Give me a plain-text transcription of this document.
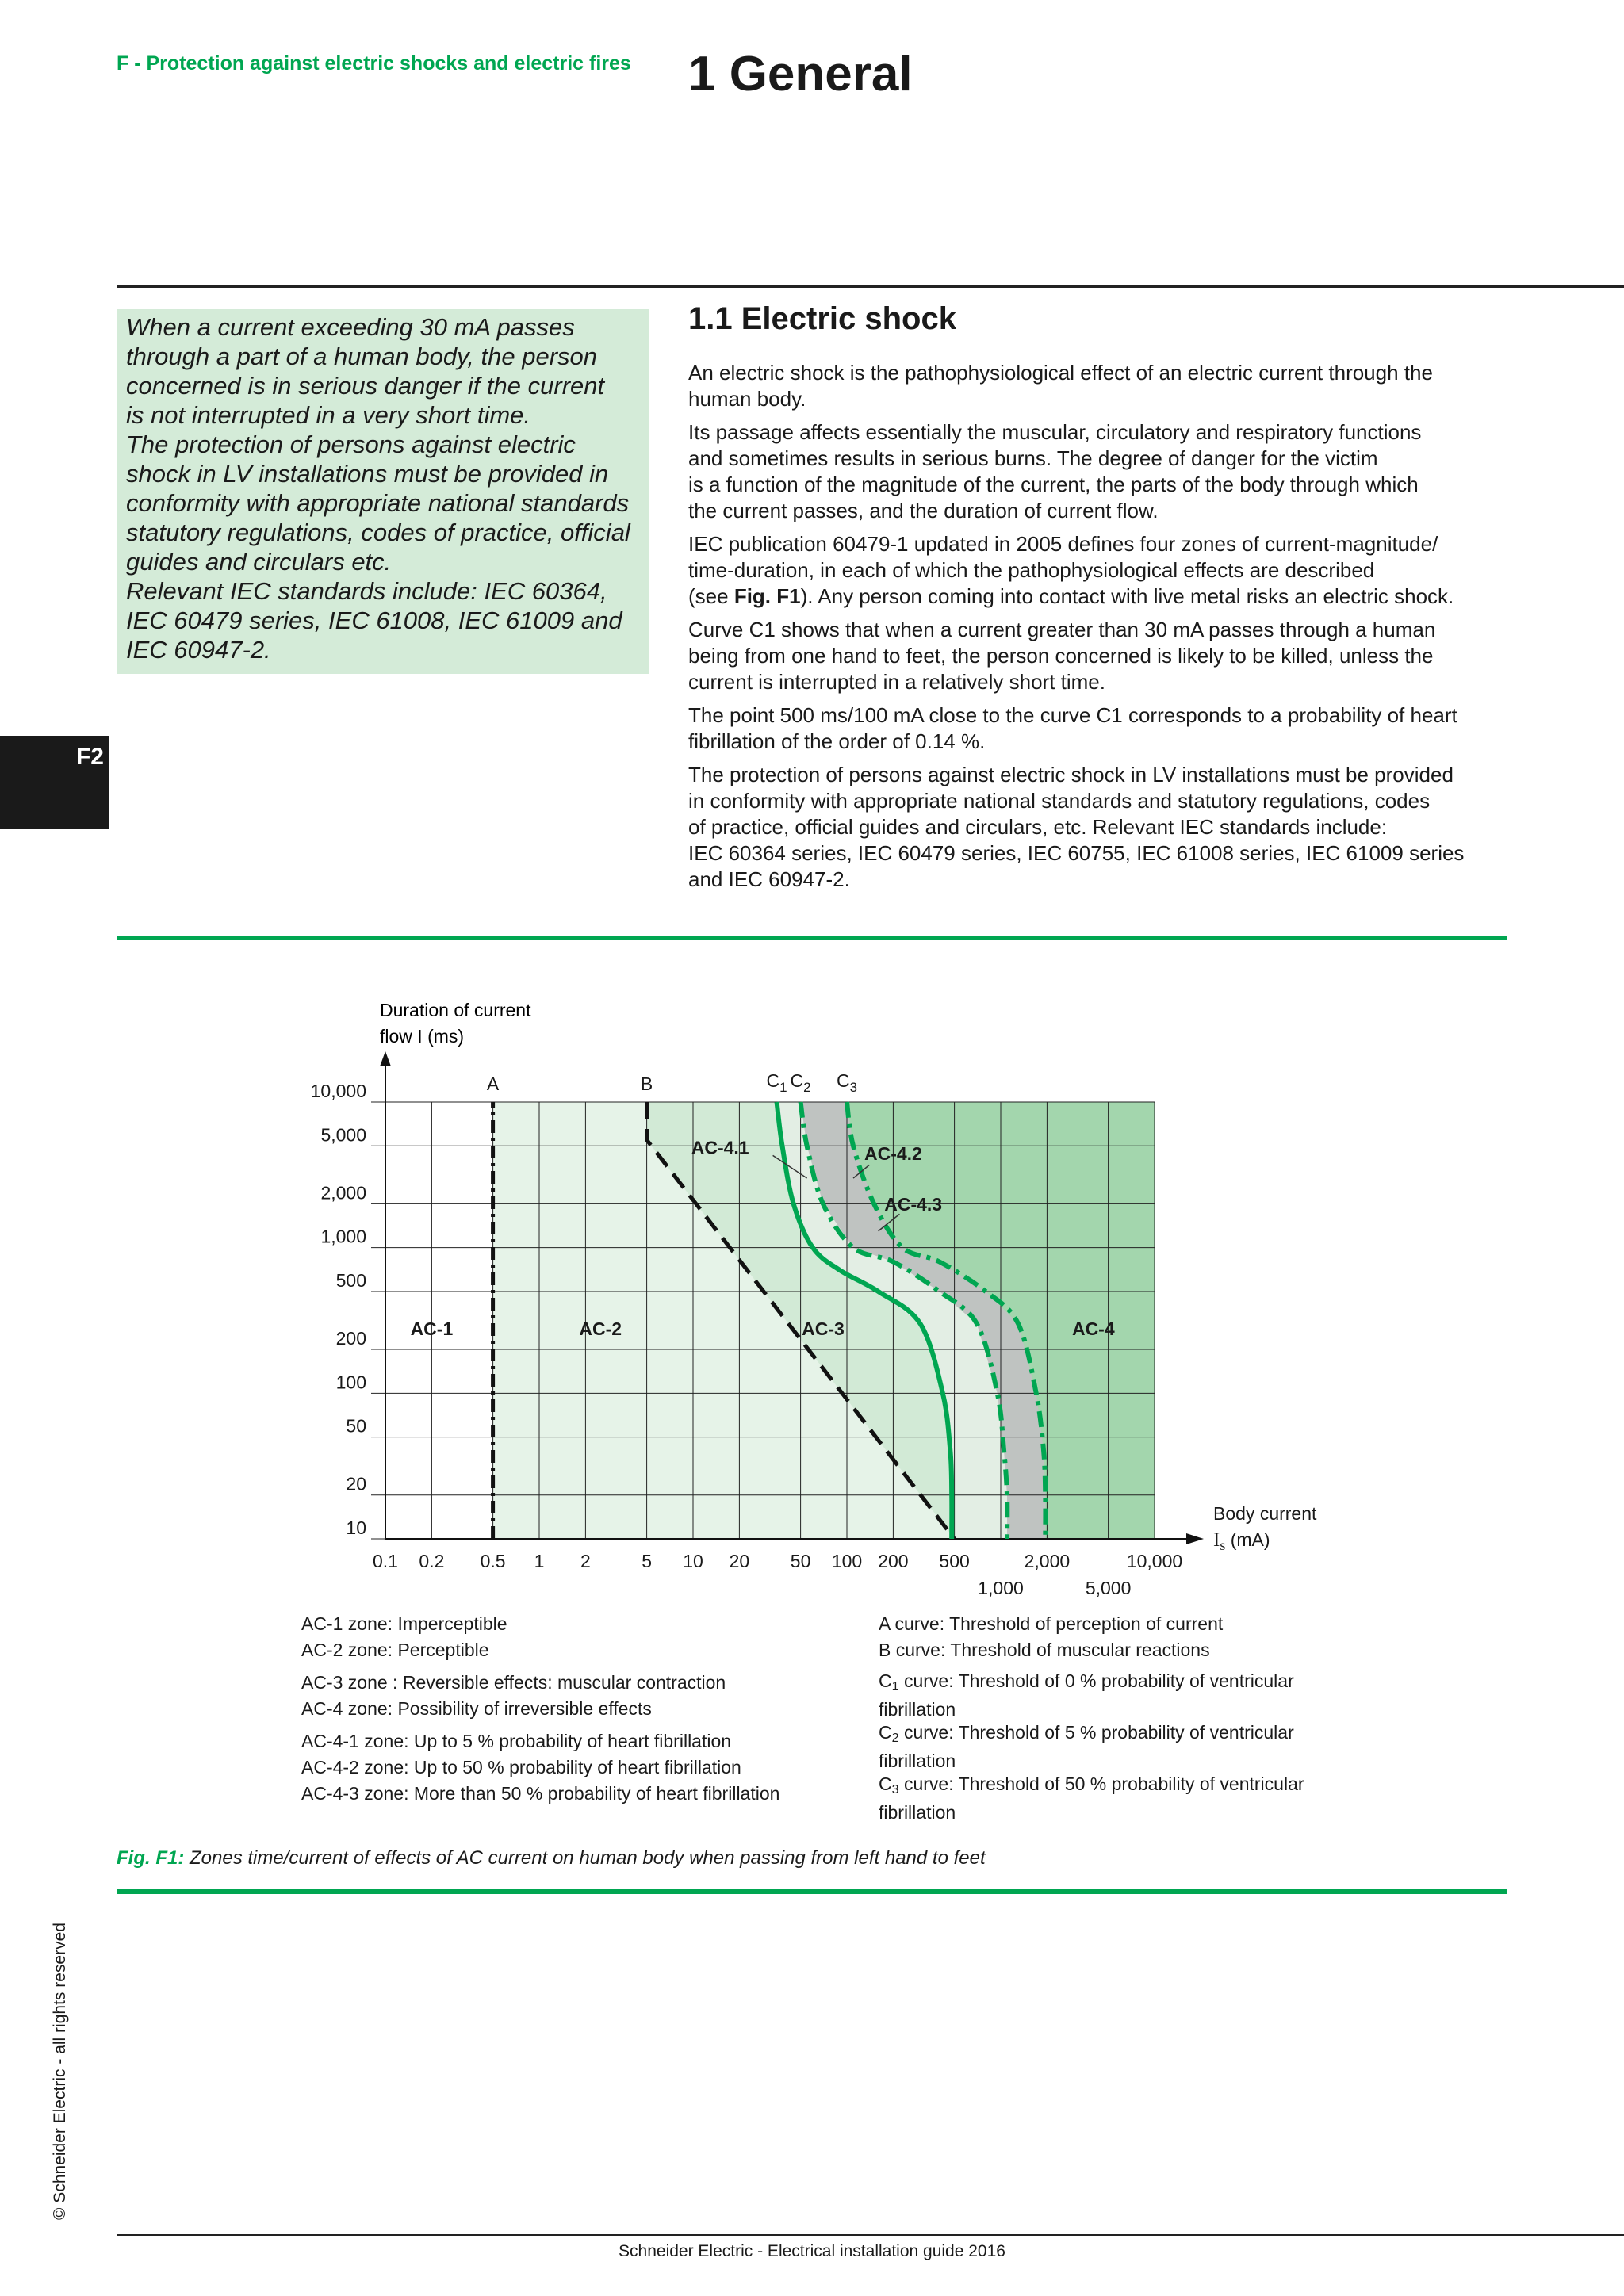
F - Protection against electric shocks and electric fires 1 General
F2

When a current exceeding 30 mA passes
through a part of a human body, the person
concerned is in serious danger if the current
is not interrupted in a very short time.
The protection of persons against electric
shock in LV installations must be provided in
conformity with appropriate national standards
statutory regulations, codes of practice, official
guides and circulars etc.
Relevant IEC standards include: IEC 60364,
IEC 60479 series, IEC 61008, IEC 61009 and
IEC 60947-2.

1.1 Electric shock

An electric shock is the pathophysiological effect of an electric current through the
human body.

Its passage affects essentially the muscular, circulatory and respiratory functions
and sometimes results in serious burns. The degree of danger for the victim
is a function of the magnitude of the current, the parts of the body through which
the current passes, and the duration of current flow.

IEC publication 60479-1 updated in 2005 defines four zones of current-magnitude/
time-duration, in each of which the pathophysiological effects are described
(see Fig. F1). Any person coming into contact with live metal risks an electric shock.

Curve C1 shows that when a current greater than 30 mA passes through a human
being from one hand to feet, the person concerned is likely to be killed, unless the
current is interrupted in a relatively short time.

The point 500 ms/100 mA close to the curve C1 corresponds to a probability of heart
fibrillation of the order of 0.14 %.

The protection of persons against electric shock in LV installations must be provided
in conformity with appropriate national standards and statutory regulations, codes
of practice, official guides and circulars, etc. Relevant IEC standards include:
IEC 60364 series, IEC 60479 series, IEC 60755, IEC 61008 series, IEC 61009 series
and IEC 60947-2.

10,000
5,000
2,000
1,000
500
200
100
50
20
10
0.1 0.2 0.5 1 2	5 10 20 50 100 200 500	2,000	10,000
1,000	5,000
Body current
$I_s$ (mA)
AC-1	AC-2	AC-3	AC-4
AC-4.1	AC-4.2
AC-4.3
A	B	$C_1$ $C_2$ $C_3$
Duration of current
flow I (ms)
AC-1 zone: Imperceptible
AC-2 zone: Perceptible
AC-3 zone : Reversible effects: muscular contraction
AC-4 zone: Possibility of irreversible effects
AC-4-1 zone: Up to 5 % probability of heart fibrillation
AC-4-2 zone: Up to 50 % probability of heart fibrillation
AC-4-3 zone: More than 50 % probability of heart fibrillation
A curve: Threshold of perception of current
B curve: Threshold of muscular reactions
$C_1$ curve: Threshold of 0 % probability of ventricular
fibrillation
$C_2$ curve: Threshold of 5 % probability of ventricular
fibrillation
$C_3$ curve: Threshold of 50 % probability of ventricular
fibrillation
Fig. F1: Zones time/current of effects of AC current on human body when passing from left hand to feet
© Schneider Electric - all rights reserved
Schneider Electric - Electrical installation guide 2016
